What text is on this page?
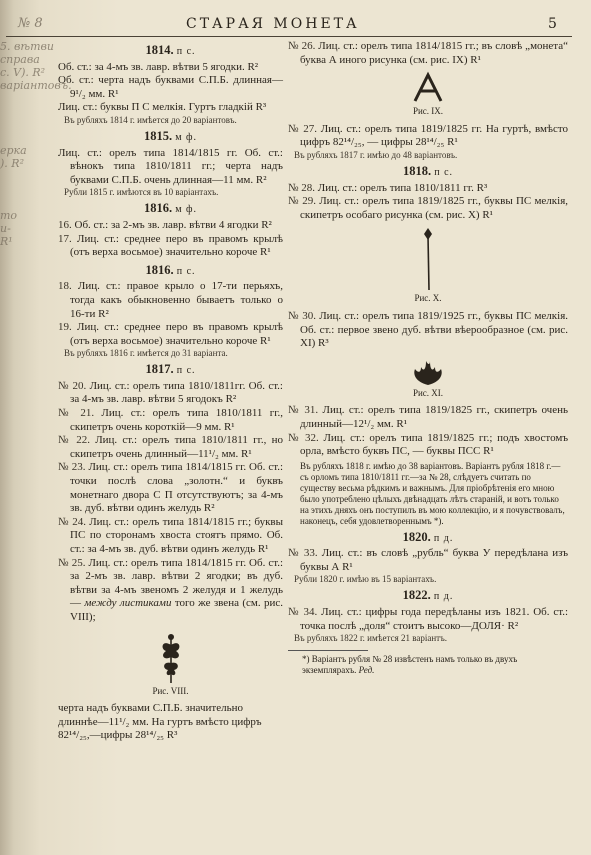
№ 8	СТАРАЯ МОНЕТА	5
5. вѣтви
справа
с. V). R²
варiантовъ.

ерка
). R²

то
и-
R¹
1814. п с.
Об. ст.: за 4-мъ зв. лавр. вѣтви 5 ягодки. R²
Об. ст.: черта надъ буквами С.П.Б. длинная—9¹/₂ мм. R¹
Лиц. ст.: буквы П С мелкiя. Гуртъ гладкiй R³
Въ рубляхъ 1814 г. имѣется до 20 варiантовъ.
1815. м ф.
Лиц. ст.: орелъ типа 1814/1815 гг. Об. ст.: вѣнокъ типа 1810/1811 гг.; черта надъ буквами С.П.Б. очень длинная—11 мм. R²
Рубли 1815 г. имѣются въ 10 варiантахъ.
1816. м ф.
16. Об. ст.: за 2-мъ зв. лавр. вѣтви 4 ягодки R²
17. Лиц. ст.: среднее перо въ правомъ крылѣ (отъ верха восьмое) значительно короче R¹
1816. п с.
18. Лиц. ст.: правое крыло о 17-ти перьяхъ, тогда какъ обыкновенно бываетъ только о 16-ти R²
19. Лиц. ст.: среднее перо въ правомъ крылѣ (отъ верха восьмое) значительно короче R¹
Въ рубляхъ 1816 г. имѣется до 31 варiанта.
1817. п с.
№ 20. Лиц. ст.: орелъ типа 1810/1811гг. Об. ст.: за 4-мъ зв. лавр. вѣтви 5 ягодокъ R²
№ 21. Лиц. ст.: орелъ типа 1810/1811 гг., скипетръ очень короткiй—9 мм. R¹
№ 22. Лиц. ст.: орелъ типа 1810/1811 гг., но скипетръ очень длинный—11¹/₂ мм. R¹
№ 23. Лиц. ст.: орелъ типа 1814/1815 гг. Об. ст.: точки послѣ слова „золотн.“ и буквъ монетнаго двора С П отсутствуютъ; за 4-мъ зв. дуб. вѣтви одинъ желудь R²
№ 24. Лиц. ст.: орелъ типа 1814/1815 гг.; буквы ПС по сторонамъ хвоста стоятъ прямо. Об. ст.: за 4-мъ зв. дуб. вѣтви одинъ желудь R¹
№ 25. Лиц. ст.: орелъ типа 1814/1815 гг. Об. ст.: за 2-мъ зв. лавр. вѣтви 2 ягодки; въ дуб. вѣтви за 4-мъ звеномъ 2 желудя и 1 желудь — между листиками того же звена (см. рис. VIII);
Рис. VIII.
черта надъ буквами С.П.Б. значительно длиннѣе—11¹/₂ мм. На гуртъ вмѣсто цифръ 82¹⁴/₂₅,—цифры 28¹⁴/₂₅ R³
№ 26. Лиц. ст.: орелъ типа 1814/1815 гг.; въ словѣ „монета“ буква А иного рисунка (см. рис. IX) R¹
Рис. IX.
№ 27. Лиц. ст.: орелъ типа 1819/1825 гг. На гуртѣ, вмѣсто цифръ 82¹⁴/₂₅, — цифры 28¹⁴/₂₅ R¹
Въ рубляхъ 1817 г. имѣю до 48 варiантовъ.
1818. п с.
№ 28. Лиц. ст.: орелъ типа 1810/1811 гг. R³
№ 29. Лиц. ст.: орелъ типа 1819/1825 гг., буквы ПС мелкiя, скипетръ особаго рисунка (см. рис. X) R¹
Рис. X.
№ 30. Лиц. ст.: орелъ типа 1819/1925 гг., буквы ПС мелкiя. Об. ст.: первое звено дуб. вѣтви вѣерообразное (см. рис. XI) R³
Рис. XI.
№ 31. Лиц. ст.: орелъ типа 1819/1825 гг., скипетръ очень длинный—12¹/₂ мм. R¹
№ 32. Лиц. ст.: орелъ типа 1819/1825 гг.; подъ хвостомъ орла, вмѣсто буквъ ПС, — буквы ПСС R¹
Въ рубляхъ 1818 г. имѣю до 38 варiантовъ. Варiантъ рубля 1818 г.—съ орломъ типа 1810/1811 гг.—за № 28, слѣдуетъ считать по существу весьма рѣдкимъ и важнымъ. Для прiобрѣтенiя его мною было употреблено цѣлыхъ двѣнадцать лѣтъ старанiй, и вотъ только на этихъ дняхъ онъ поступилъ въ мою коллекцiю, и я почувствовалъ, наконецъ, себя удовлетвореннымъ *).
1820. п д.
№ 33. Лиц. ст.: въ словѣ „рубль“ буква У передѣлана изъ буквы А R¹
Рубли 1820 г. имѣю въ 15 варiантахъ.
1822. п д.
№ 34. Лиц. ст.: цифры года передѣланы изъ 1821. Об. ст.: точка послѣ „доля“ стоитъ высоко—ДОЛЯ· R²
Въ рубляхъ 1822 г. имѣется 21 варiантъ.
*) Варiантъ рубля № 28 извѣстенъ намъ только въ двухъ экземплярахъ. Ред.
